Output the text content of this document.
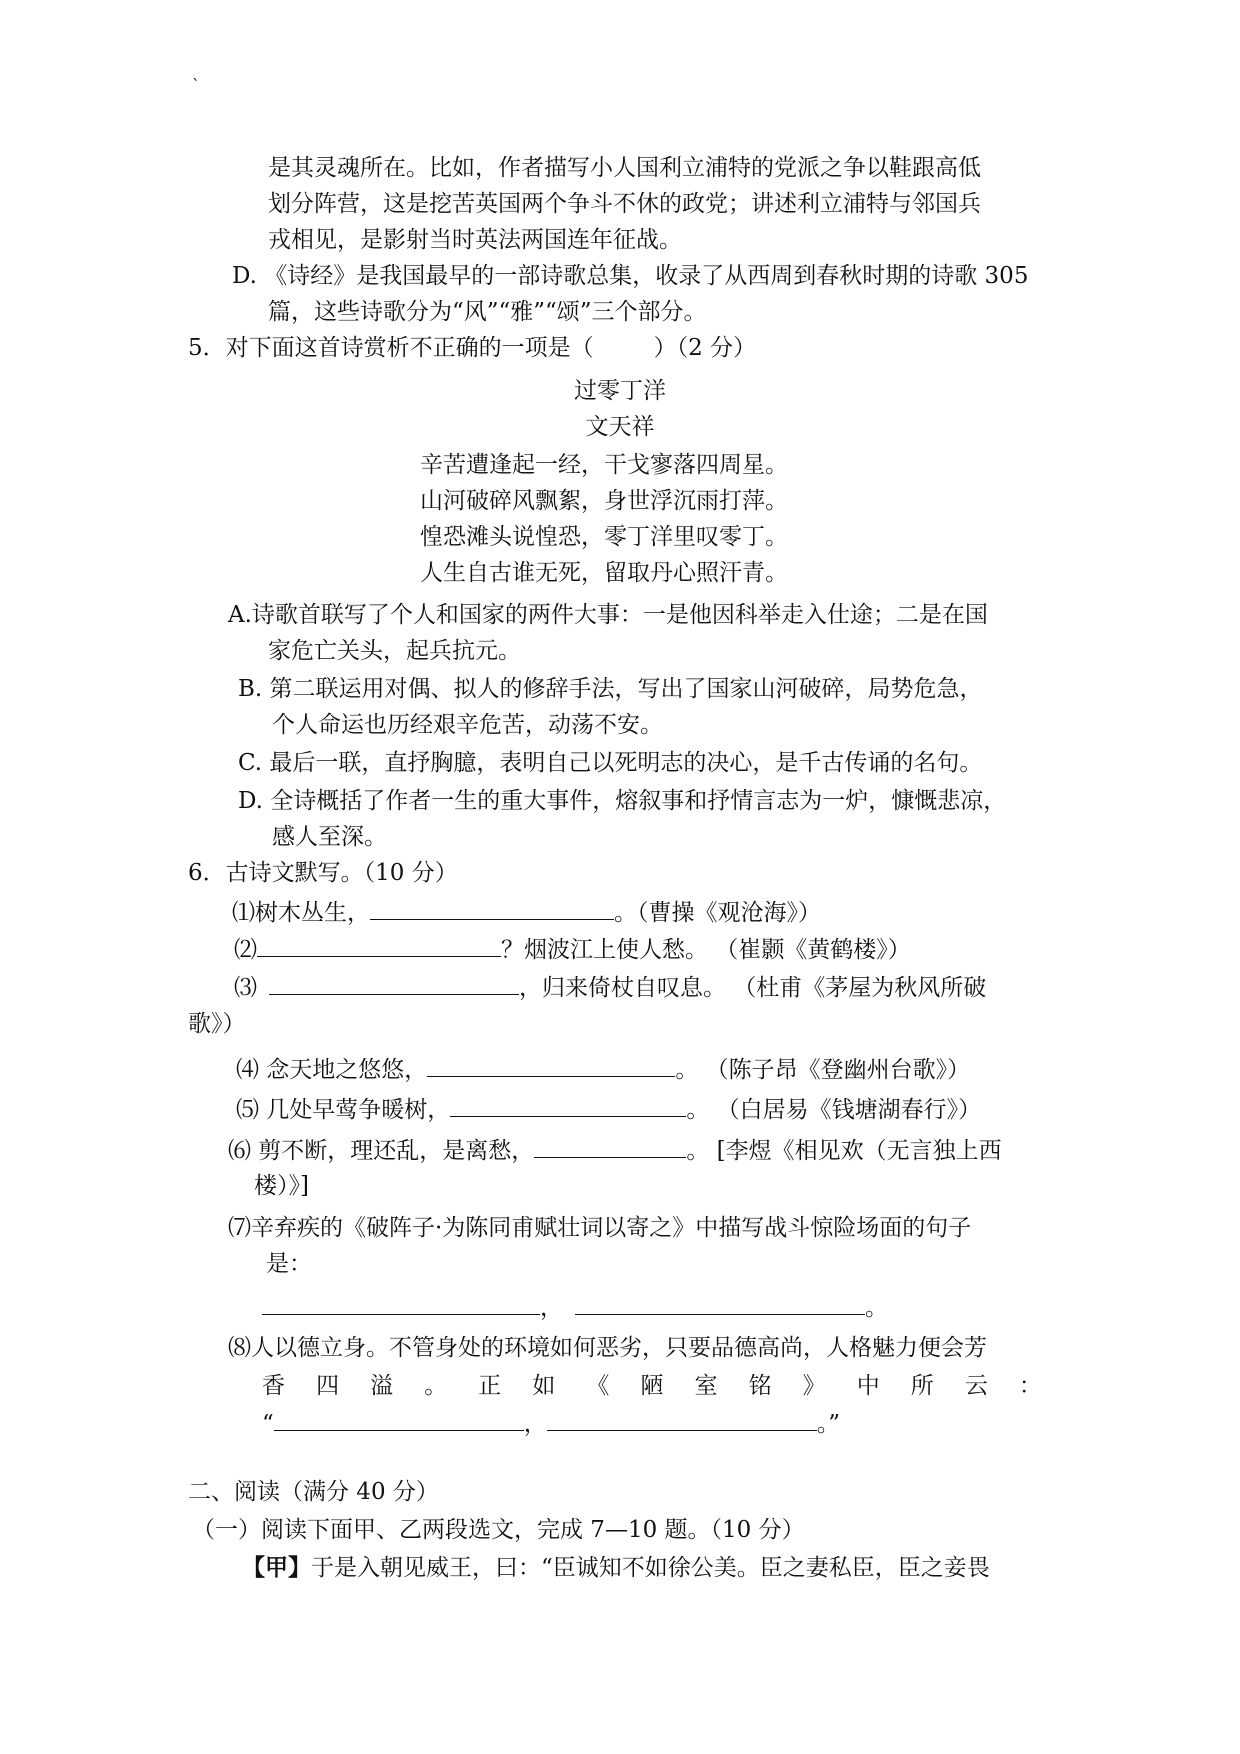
`
是其灵魂所在。比如，作者描写小人国利立浦特的党派之争以鞋跟高低
划分阵营，这是挖苦英国两个争斗不休的政党；讲述利立浦特与邻国兵
戎相见，是影射当时英法两国连年征战。
D. 《诗经》是我国最早的一部诗歌总集，收录了从西周到春秋时期的诗歌 305
篇，这些诗歌分为“风”“雅”“颂”三个部分。
5．对下面这首诗赏析不正确的一项是（	）（2 分）
过零丁洋
文天祥
辛苦遭逢起一经，干戈寥落四周星。
山河破碎风飘絮，身世浮沉雨打萍。
惶恐滩头说惶恐，零丁洋里叹零丁。
人生自古谁无死，留取丹心照汗青。
A.诗歌首联写了个人和国家的两件大事：一是他因科举走入仕途；二是在国
家危亡关头，起兵抗元。
B. 第二联运用对偶、拟人的修辞手法，写出了国家山河破碎，局势危急，
个人命运也历经艰辛危苦，动荡不安。
C. 最后一联，直抒胸臆，表明自己以死明志的决心，是千古传诵的名句。
D. 全诗概括了作者一生的重大事件，熔叙事和抒情言志为一炉，慷慨悲凉，
感人至深。
6．古诗文默写。（10 分）
⑴树木丛生，	。（曹操《观沧海》）
⑵	？烟波江上使人愁。 （崔颢《黄鹤楼》）
⑶	，归来倚杖自叹息。 （杜甫《茅屋为秋风所破
歌》）
⑷ 念天地之悠悠，	。 （陈子昂《登幽州台歌》）
⑸ 几处早莺争暖树，	。 （白居易《钱塘湖春行》）
⑹ 剪不断，理还乱，是离愁，	。 [李煜《相见欢（无言独上西
楼）》]
⑺辛弃疾的《破阵子·为陈同甫赋壮词以寄之》中描写战斗惊险场面的句子
是：
，	。
⑻人以德立身。不管身处的环境如何恶劣，只要品德高尚，人格魅力便会芳
香 四 溢 。 正 如 《 陋 室 铭 》 中 所 云 ：
“	，	。”
二、阅读（满分 40 分）
（一）阅读下面甲、乙两段选文，完成 7—10 题。（10 分）
【甲】于是入朝见威王，曰：“臣诚知不如徐公美。臣之妻私臣，臣之妾畏
